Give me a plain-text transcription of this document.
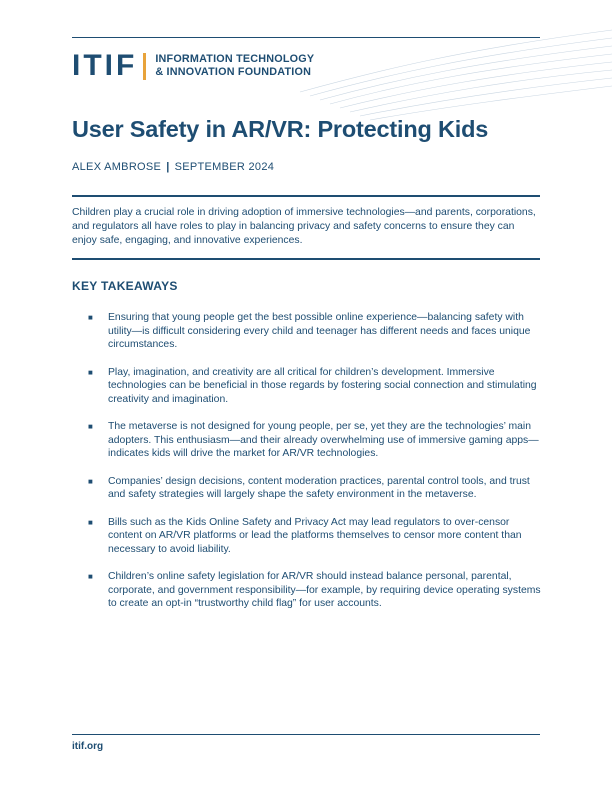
ITIF INFORMATION TECHNOLOGY
& INNOVATION FOUNDATION
User Safety in AR/VR: Protecting Kids
ALEX AMBROSE | SEPTEMBER 2024

Children play a crucial role in driving adoption of immersive technologies—and parents, corporations, and regulators all have roles to play in balancing privacy and safety concerns to ensure they can enjoy safe, engaging, and innovative experiences.

KEY TAKEAWAYS
■	Ensuring that young people get the best possible online experience—balancing safety with utility—is difficult considering every child and teenager has different needs and faces unique circumstances.
■	Play, imagination, and creativity are all critical for children’s development. Immersive technologies can be beneficial in those regards by fostering social connection and stimulating creativity and imagination.
■	The metaverse is not designed for young people, per se, yet they are the technologies’ main adopters. This enthusiasm—and their already overwhelming use of immersive gaming apps—indicates kids will drive the market for AR/VR technologies.
■	Companies’ design decisions, content moderation practices, parental control tools, and trust and safety strategies will largely shape the safety environment in the metaverse.
■	Bills such as the Kids Online Safety and Privacy Act may lead regulators to over-censor content on AR/VR platforms or lead the platforms themselves to censor more content than necessary to avoid liability.
■	Children’s online safety legislation for AR/VR should instead balance personal, parental, corporate, and government responsibility—for example, by requiring device operating systems to create an opt-in “trustworthy child flag” for user accounts.
itif.org
